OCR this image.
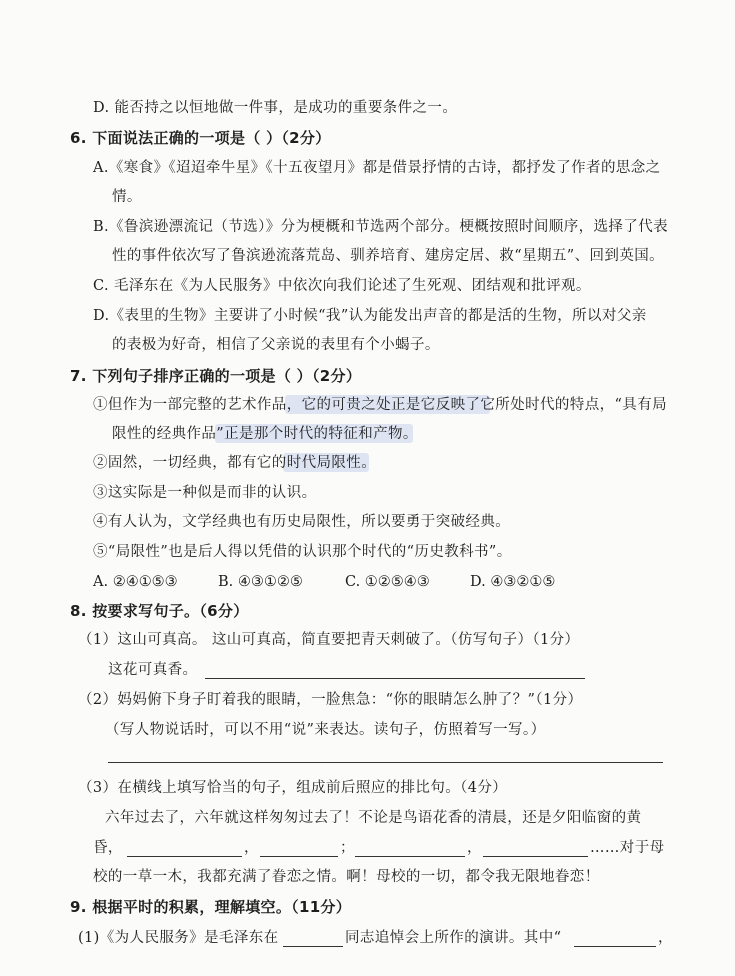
D. 能否持之以恒地做一件事，是成功的重要条件之一。
6. 下面说法正确的一项是（ ）（2分）
A.《寒食》《迢迢牵牛星》《十五夜望月》都是借景抒情的古诗，都抒发了作者的思念之
情。
B.《鲁滨逊漂流记（节选）》分为梗概和节选两个部分。梗概按照时间顺序，选择了代表
性的事件依次写了鲁滨逊流落荒岛、驯养培育、建房定居、救“星期五”、回到英国。
C. 毛泽东在《为人民服务》中依次向我们论述了生死观、团结观和批评观。
D.《表里的生物》主要讲了小时候“我”认为能发出声音的都是活的生物，所以对父亲
的表极为好奇，相信了父亲说的表里有个小蝎子。
7. 下列句子排序正确的一项是（ ）（2分）
①但作为一部完整的艺术作品，它的可贵之处正是它反映了它所处时代的特点，“具有局
限性的经典作品”正是那个时代的特征和产物。
②固然，一切经典，都有它的时代局限性。
③这实际是一种似是而非的认识。
④有人认为，文学经典也有历史局限性，所以要勇于突破经典。
⑤“局限性”也是后人得以凭借的认识那个时代的“历史教科书”。
A. ②④①⑤③	B. ④③①②⑤	C. ①②⑤④③	D. ④③②①⑤
8. 按要求写句子。（6分）
（1）这山可真高。 这山可真高，简直要把青天刺破了。（仿写句子）（1分）
这花可真香。
（2）妈妈俯下身子盯着我的眼睛，一脸焦急：“你的眼睛怎么肿了？”（1分）
（写人物说话时，可以不用“说”来表达。读句子，仿照着写一写。）
（3）在横线上填写恰当的句子，组成前后照应的排比句。（4分）
六年过去了，六年就这样匆匆过去了！不论是鸟语花香的清晨，还是夕阳临窗的黄
昏，	，	；	，	……对于母
校的一草一木，我都充满了眷恋之情。啊！母校的一切，都令我无限地眷恋！
9. 根据平时的积累，理解填空。（11分）
(1)《为人民服务》是毛泽东在	同志追悼会上所作的演讲。其中“	，
